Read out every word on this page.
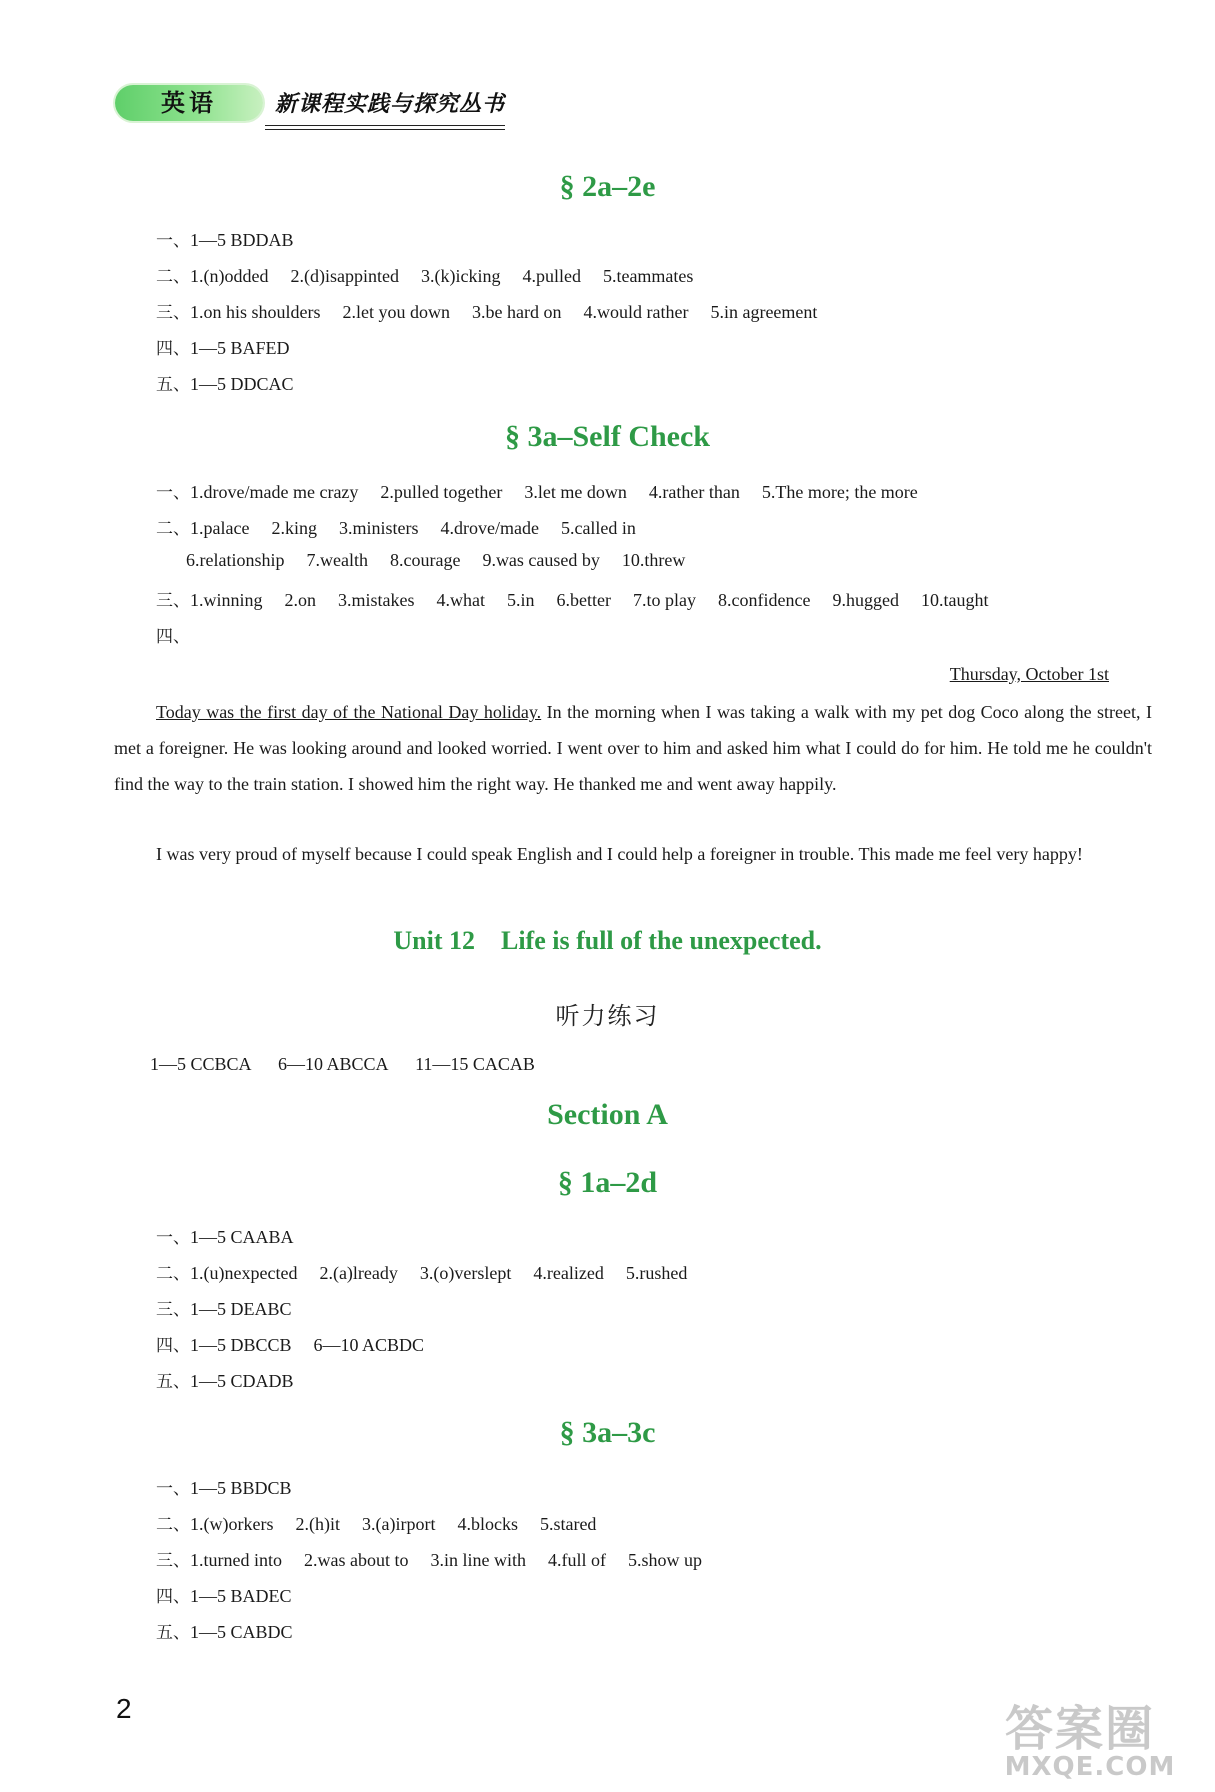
英语	新课程实践与探究丛书
§ 2a–2e
一、1—5 BDDAB
二、1.(n)odded 2.(d)isappinted 3.(k)icking 4.pulled 5.teammates
三、1.on his shoulders 2.let you down 3.be hard on 4.would rather 5.in agreement
四、1—5 BAFED
五、1—5 DDCAC
§ 3a–Self Check
一、1.drove/made me crazy 2.pulled together 3.let me down 4.rather than 5.The more; the more
二、1.palace 2.king 3.ministers 4.drove/made 5.called in
6.relationship 7.wealth 8.courage 9.was caused by 10.threw
三、1.winning 2.on 3.mistakes 4.what 5.in 6.better 7.to play 8.confidence 9.hugged 10.taught
四、
Thursday, October 1st
Today was the first day of the National Day holiday. In the morning when I was taking a walk with my pet dog Coco along the street, I met a foreigner. He was looking around and looked worried. I went over to him and asked him what I could do for him. He told me he couldn't find the way to the train station. I showed him the right way. He thanked me and went away happily.
I was very proud of myself because I could speak English and I could help a foreigner in trouble. This made me feel very happy!
Unit 12    Life is full of the unexpected.
听力练习
1—5 CCBCA 6—10 ABCCA 11—15 CACAB
Section A
§ 1a–2d
一、1—5 CAABA
二、1.(u)nexpected 2.(a)lready 3.(o)verslept 4.realized 5.rushed
三、1—5 DEABC
四、1—5 DBCCB 6—10 ACBDC
五、1—5 CDADB
§ 3a–3c
一、1—5 BBDCB
二、1.(w)orkers 2.(h)it 3.(a)irport 4.blocks 5.stared
三、1.turned into 2.was about to 3.in line with 4.full of 5.show up
四、1—5 BADEC
五、1—5 CABDC
2	答案圈
MXQE.COM
